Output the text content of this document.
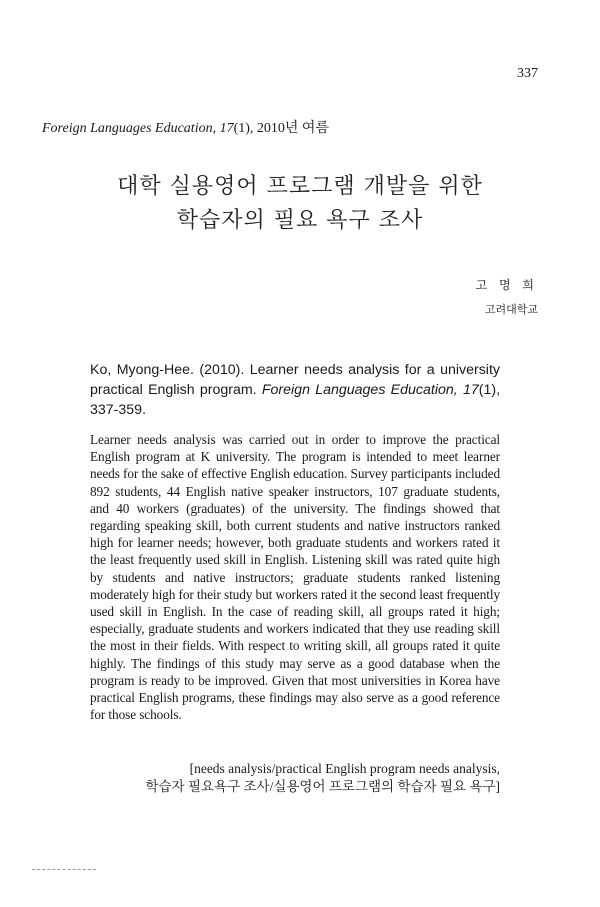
337
Foreign Languages Education, 17(1), 2010년 여름
대학 실용영어 프로그램 개발을 위한
학습자의 필요 욕구 조사
고 명 희
고려대학교
Ko, Myong-Hee. (2010). Learner needs analysis for a university practical English program. Foreign Languages Education, 17(1), 337-359.
Learner needs analysis was carried out in order to improve the practical English program at K university. The program is intended to meet learner needs for the sake of effective English education. Survey participants included 892 students, 44 English native speaker instructors, 107 graduate students, and 40 workers (graduates) of the university. The findings showed that regarding speaking skill, both current students and native instructors ranked high for learner needs; however, both graduate students and workers rated it the least frequently used skill in English. Listening skill was rated quite high by students and native instructors; graduate students ranked listening moderately high for their study but workers rated it the second least frequently used skill in English. In the case of reading skill, all groups rated it high; especially, graduate students and workers indicated that they use reading skill the most in their fields. With respect to writing skill, all groups rated it quite highly. The findings of this study may serve as a good database when the program is ready to be improved. Given that most universities in Korea have practical English programs, these findings may also serve as a good reference for those schools.
[needs analysis/practical English program needs analysis,
학습자 필요욕구 조사/실용영어 프로그램의 학습자 필요 욕구]
